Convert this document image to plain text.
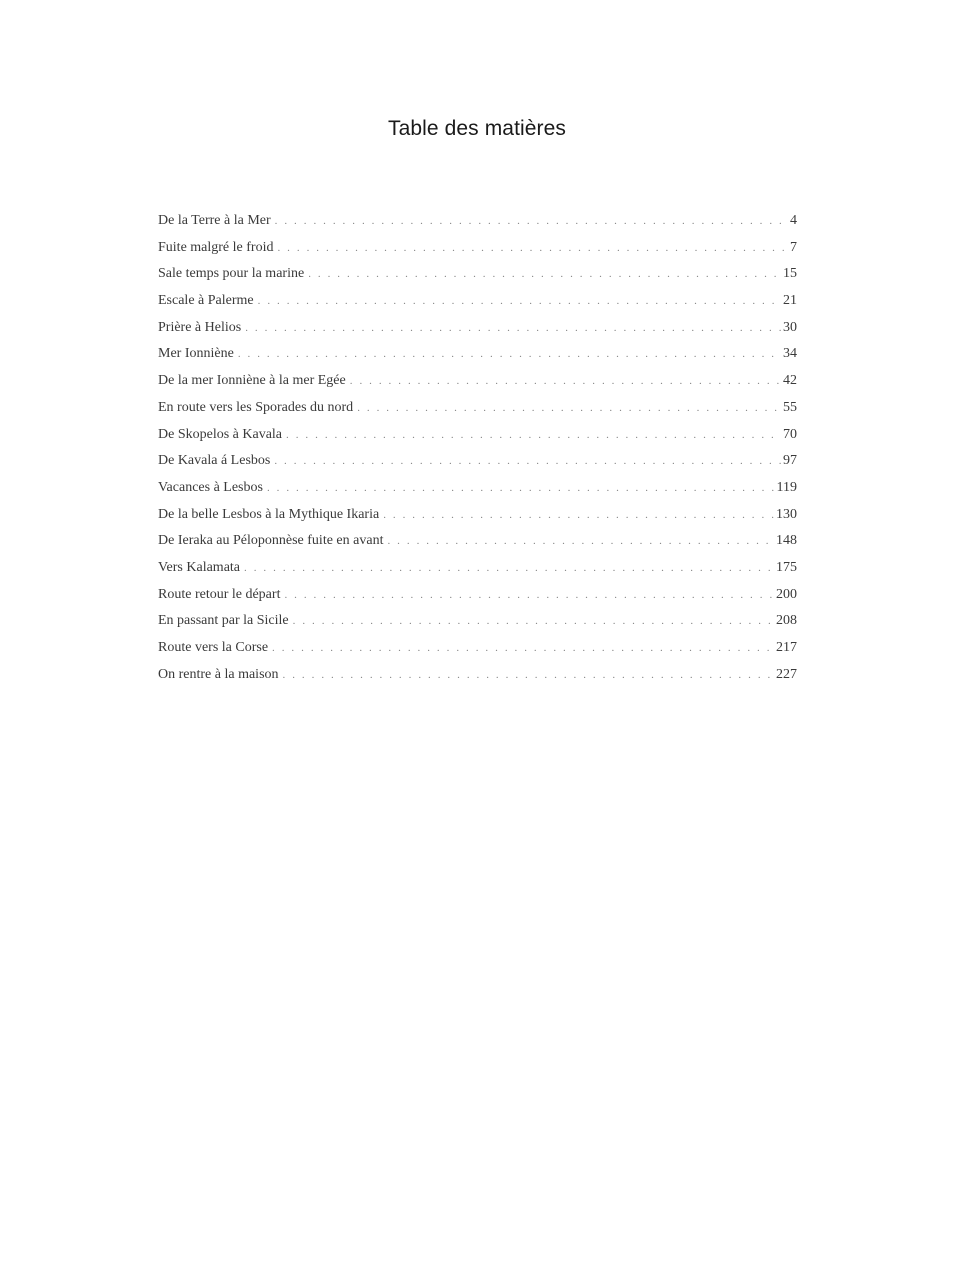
Table des matières
De la Terre à la Mer . . .	4
Fuite malgré le froid . . .	7
Sale temps pour la marine . . .	15
Escale à Palerme . . .	21
Prière à Helios . . .	30
Mer Ionniène . . .	34
De la mer Ionniène à la mer Egée . . .	42
En route vers les Sporades du nord . . .	55
De Skopelos à Kavala . . .	70
De Kavala á Lesbos . . .	97
Vacances à Lesbos . . .	119
De la belle Lesbos à la Mythique Ikaria . . .	130
De Ieraka au Péloponnèse fuite en avant . . .	148
Vers Kalamata . . .	175
Route retour le départ . . .	200
En passant par la Sicile . . .	208
Route vers la Corse . . .	217
On rentre à la maison . . .	227
